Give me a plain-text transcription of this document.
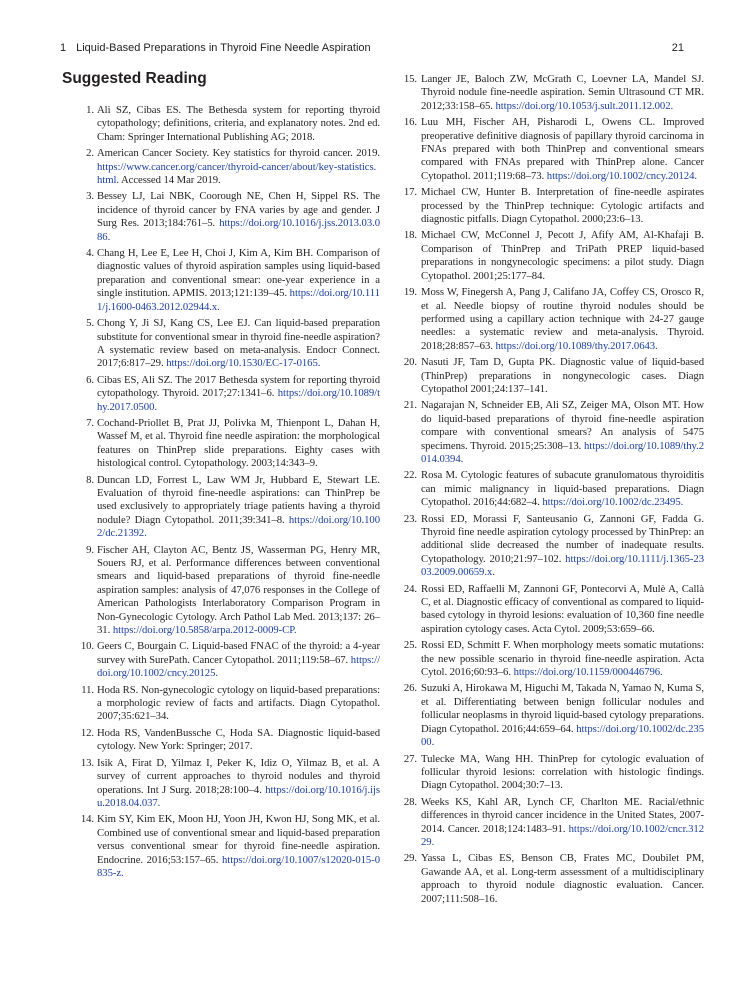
1 Liquid-Based Preparations in Thyroid Fine Needle Aspiration	21
Suggested Reading
1. Ali SZ, Cibas ES. The Bethesda system for reporting thyroid cytopathology; definitions, criteria, and explanatory notes. 2nd ed. Cham: Springer International Publishing AG; 2018.
2. American Cancer Society. Key statistics for thyroid cancer. 2019.https://www.cancer.org/cancer/thyroid-cancer/about/key-statistics.html. Accessed 14 Mar 2019.
3. Bessey LJ, Lai NBK, Coorough NE, Chen H, Sippel RS. The incidence of thyroid cancer by FNA varies by age and gender. J Surg Res. 2013;184:761–5. https://doi.org/10.1016/j.jss.2013.03.086.
4. Chang H, Lee E, Lee H, Choi J, Kim A, Kim BH. Comparison of diagnostic values of thyroid aspiration samples using liquid-based preparation and conventional smear: one-year experience in a single institution. APMIS. 2013;121:139–45. https://doi.org/10.1111/j.1600-0463.2012.02944.x.
5. Chong Y, Ji SJ, Kang CS, Lee EJ. Can liquid-based preparation substitute for conventional smear in thyroid fine-needle aspiration? A systematic review based on meta-analysis. Endocr Connect. 2017;6:817–29. https://doi.org/10.1530/EC-17-0165.
6. Cibas ES, Ali SZ. The 2017 Bethesda system for reporting thyroid cytopathology. Thyroid. 2017;27:1341–6. https://doi.org/10.1089/thy.2017.0500.
7. Cochand-Priollet B, Prat JJ, Polivka M, Thienpont L, Dahan H, Wassef M, et al. Thyroid fine needle aspiration: the morphological features on ThinPrep slide preparations. Eighty cases with histological control. Cytopathology. 2003;14:343–9.
8. Duncan LD, Forrest L, Law WM Jr, Hubbard E, Stewart LE. Evaluation of thyroid fine-needle aspirations: can ThinPrep be used exclusively to appropriately triage patients having a thyroid nodule? Diagn Cytopathol. 2011;39:341–8. https://doi.org/10.1002/dc.21392.
9. Fischer AH, Clayton AC, Bentz JS, Wasserman PG, Henry MR, Souers RJ, et al. Performance differences between conventional smears and liquid-based preparations of thyroid fine-needle aspiration samples: analysis of 47,076 responses in the College of American Pathologists Interlaboratory Comparison Program in Non-Gynecologic Cytology. Arch Pathol Lab Med. 2013;137: 26–31. https://doi.org/10.5858/arpa.2012-0009-CP.
10. Geers C, Bourgain C. Liquid-based FNAC of the thyroid: a 4-year survey with SurePath. Cancer Cytopathol. 2011;119:58–67. https://doi.org/10.1002/cncy.20125.
11. Hoda RS. Non-gynecologic cytology on liquid-based preparations: a morphologic review of facts and artifacts. Diagn Cytopathol. 2007;35:621–34.
12. Hoda RS, VandenBussche C, Hoda SA. Diagnostic liquid-based cytology. New York: Springer; 2017.
13. Isik A, Firat D, Yilmaz I, Peker K, Idiz O, Yilmaz B, et al. A survey of current approaches to thyroid nodules and thyroid operations. Int J Surg. 2018;28:100–4. https://doi.org/10.1016/j.ijsu.2018.04.037.
14. Kim SY, Kim EK, Moon HJ, Yoon JH, Kwon HJ, Song MK, et al. Combined use of conventional smear and liquid-based preparation versus conventional smear for thyroid fine-needle aspiration. Endocrine. 2016;53:157–65. https://doi.org/10.1007/s12020-015-0835-z.
15. Langer JE, Baloch ZW, McGrath C, Loevner LA, Mandel SJ. Thyroid nodule fine-needle aspiration. Semin Ultrasound CT MR. 2012;33:158–65. https://doi.org/10.1053/j.sult.2011.12.002.
16. Luu MH, Fischer AH, Pisharodi L, Owens CL. Improved preoperative definitive diagnosis of papillary thyroid carcinoma in FNAs prepared with both ThinPrep and conventional smears compared with FNAs prepared with ThinPrep alone. Cancer Cytopathol. 2011;119:68–73. https://doi.org/10.1002/cncy.20124.
17. Michael CW, Hunter B. Interpretation of fine-needle aspirates processed by the ThinPrep technique: Cytologic artifacts and diagnostic pitfalls. Diagn Cytopathol. 2000;23:6–13.
18. Michael CW, McConnel J, Pecott J, Afify AM, Al-Khafaji B. Comparison of ThinPrep and TriPath PREP liquid-based preparations in nongynecologic specimens: a pilot study. Diagn Cytopathol. 2001;25:177–84.
19. Moss W, Finegersh A, Pang J, Califano JA, Coffey CS, Orosco R, et al. Needle biopsy of routine thyroid nodules should be performed using a capillary action technique with 24-27 gauge needles: a systematic review and meta-analysis. Thyroid. 2018;28:857–63. https://doi.org/10.1089/thy.2017.0643.
20. Nasuti JF, Tam D, Gupta PK. Diagnostic value of liquid-based (ThinPrep) preparations in nongynecologic cases. Diagn Cytopathol 2001;24:137–141.
21. Nagarajan N, Schneider EB, Ali SZ, Zeiger MA, Olson MT. How do liquid-based preparations of thyroid fine-needle aspiration compare with conventional smears? An analysis of 5475 specimens. Thyroid. 2015;25:308–13. https://doi.org/10.1089/thy.2014.0394.
22. Rosa M. Cytologic features of subacute granulomatous thyroiditis can mimic malignancy in liquid-based preparations. Diagn Cytopathol. 2016;44:682–4. https://doi.org/10.1002/dc.23495.
23. Rossi ED, Morassi F, Santeusanio G, Zannoni GF, Fadda G. Thyroid fine needle aspiration cytology processed by ThinPrep: an additional slide decreased the number of inadequate results. Cytopathology. 2010;21:97–102. https://doi.org/10.1111/j.1365-2303.2009.00659.x.
24. Rossi ED, Raffaelli M, Zannoni GF, Pontecorvi A, Mulè A, Callà C, et al. Diagnostic efficacy of conventional as compared to liquid-based cytology in thyroid lesions: evaluation of 10,360 fine needle aspiration cytology cases. Acta Cytol. 2009;53:659–66.
25. Rossi ED, Schmitt F. When morphology meets somatic mutations: the new possible scenario in thyroid fine-needle aspiration. Acta Cytol. 2016;60:93–6. https://doi.org/10.1159/000446796.
26. Suzuki A, Hirokawa M, Higuchi M, Takada N, Yamao N, Kuma S, et al. Differentiating between benign follicular nodules and follicular neoplasms in thyroid liquid-based cytology preparations. Diagn Cytopathol. 2016;44:659–64. https://doi.org/10.1002/dc.23500.
27. Tulecke MA, Wang HH. ThinPrep for cytologic evaluation of follicular thyroid lesions: correlation with histologic findings. Diagn Cytopathol. 2004;30:7–13.
28. Weeks KS, Kahl AR, Lynch CF, Charlton ME. Racial/ethnic differences in thyroid cancer incidence in the United States, 2007-2014. Cancer. 2018;124:1483–91. https://doi.org/10.1002/cncr.31229.
29. Yassa L, Cibas ES, Benson CB, Frates MC, Doubilet PM, Gawande AA, et al. Long-term assessment of a multidisciplinary approach to thyroid nodule diagnostic evaluation. Cancer. 2007;111:508–16.
